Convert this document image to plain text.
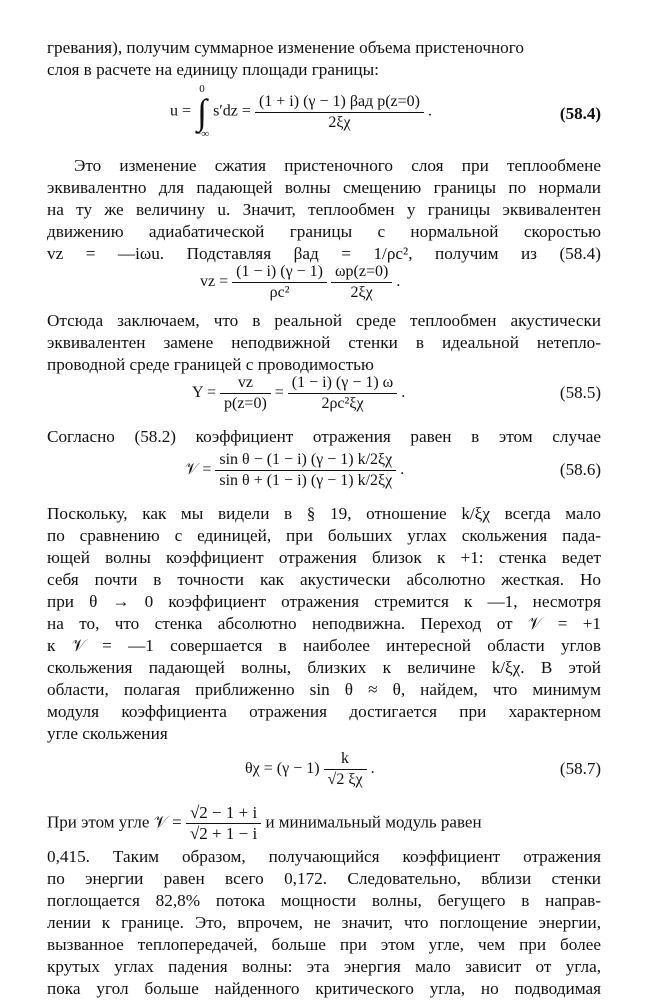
гревания), получим суммарное изменение объема пристеночного
слоя в расчете на единицу площади границы:
u =
0
∫
−∞
$s'dz = \frac{\text{(1 + i) (γ − 1) βад p(z=0)}}{2\xi\chi}$ .	(58.4)
Это изменение сжатия пристеночного слоя при теплообмене
эквивалентно для падающей волны смещению границы по нормали
на ту же величину u. Значит, теплообмен у границы эквивалентен
движению адиабатической границы с нормальной скоростью
vz = —iωu. Подставляя βад = 1/ρc², получим из (58.4)
vz = $\frac{(1 - i) (\gamma - 1)}{\text{ρc²}}$
$\frac{\omega p(z=0)}{2\xi\chi}$ .
Отсюда заключаем, что в реальной среде теплообмен акустически
эквивалентен замене неподвижной стенки в идеальной нетепло-
проводной среде границей с проводимостью
$Y = \frac{vz}{p(z=0)} = \frac{(1 - i) (\gamma - 1) \omega}{\text{2ρc²ξχ}}$ .	(58.5)
Согласно (58.2) коэффициент отражения равен в этом случае
𝒱 = $\frac{\text{sin θ − (1 − i) (γ − 1) k/2ξχ}}{\text{sin θ + (1 − i) (γ − 1) k/2ξχ}}$ .	(58.6)
Поскольку, как мы видели в § 19, отношение k/ξχ всегда мало
по сравнению с единицей, при больших углах скольжения пада-
ющей волны коэффициент отражения близок к +1: стенка ведет
себя почти в точности как акустически абсолютно жесткая. Но
при θ → 0 коэффициент отражения стремится к —1, несмотря
на то, что стенка абсолютно неподвижна. Переход от 𝒱 = +1
к 𝒱 = —1 совершается в наиболее интересной области углов
скольжения падающей волны, близких к величине k/ξχ. В этой
области, полагая приближенно sin θ ≈ θ, найдем, что минимум
модуля коэффициента отражения достигается при характерном
угле скольжения
$\theta\chi = (\gamma - 1) \frac{k}{√2 \xi\chi}$ .	(58.7)
При этом угле 𝒱 = $\frac{√2 - 1 + i}{√2 + 1 - i}$ и минимальный модуль равен
0,415. Таким образом, получающийся коэффициент отражения
по энергии равен всего 0,172. Следовательно, вблизи стенки
поглощается 82,8% потока мощности волны, бегущего в направ-
лении к границе. Это, впрочем, не значит, что поглощение энергии,
вызванное теплопередачей, больше при этом угле, чем при более
крутых углах падения волны: эта энергия мало зависит от угла,
пока угол больше найденного критического угла, но подводимая
